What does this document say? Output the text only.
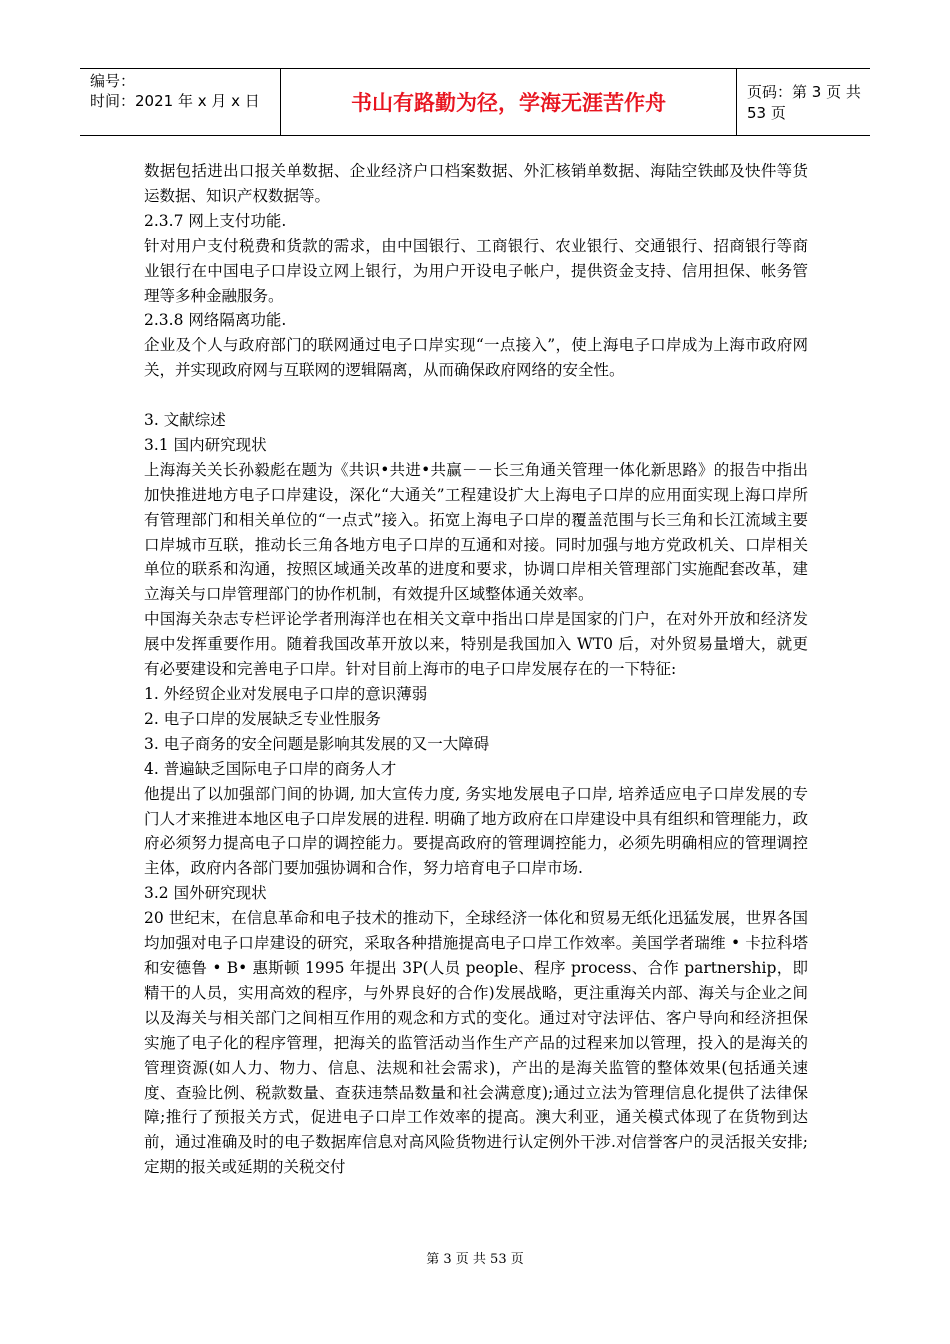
编号：
时间：2021 年 x 月 x 日	书山有路勤为径，学海无涯苦作舟	页码：第 3 页 共 53 页

数据包括进出口报关单数据、企业经济户口档案数据、外汇核销单数据、海陆空铁邮及快件等货运数据、知识产权数据等。

2.3.7 网上支付功能.

针对用户支付税费和货款的需求，由中国银行、工商银行、农业银行、交通银行、招商银行等商业银行在中国电子口岸设立网上银行，为用户开设电子帐户，提供资金支持、信用担保、帐务管理等多种金融服务。

2.3.8 网络隔离功能.

企业及个人与政府部门的联网通过电子口岸实现“一点接入”，使上海电子口岸成为上海市政府网关，并实现政府网与互联网的逻辑隔离，从而确保政府网络的安全性。

3. 文献综述

3.1 国内研究现状

上海海关关长孙毅彪在题为《共识•共进•共赢－－长三角通关管理一体化新思路》的报告中指出加快推进地方电子口岸建设，深化“大通关”工程建设扩大上海电子口岸的应用面实现上海口岸所有管理部门和相关单位的“一点式”接入。拓宽上海电子口岸的覆盖范围与长三角和长江流域主要口岸城市互联，推动长三角各地方电子口岸的互通和对接。同时加强与地方党政机关、口岸相关单位的联系和沟通，按照区域通关改革的进度和要求，协调口岸相关管理部门实施配套改革，建立海关与口岸管理部门的协作机制，有效提升区域整体通关效率。

中国海关杂志专栏评论学者刑海洋也在相关文章中指出口岸是国家的门户，在对外开放和经济发展中发挥重要作用。随着我国改革开放以来，特别是我国加入 WT0 后，对外贸易量增大，就更有必要建设和完善电子口岸。针对目前上海市的电子口岸发展存在的一下特征:

1. 外经贸企业对发展电子口岸的意识薄弱

2. 电子口岸的发展缺乏专业性服务

3. 电子商务的安全问题是影响其发展的又一大障碍

4. 普遍缺乏国际电子口岸的商务人才

他提出了以加强部门间的协调, 加大宣传力度, 务实地发展电子口岸, 培养适应电子口岸发展的专门人才来推进本地区电子口岸发展的进程. 明确了地方政府在口岸建设中具有组织和管理能力，政府必须努力提高电子口岸的调控能力。要提高政府的管理调控能力，必须先明确相应的管理调控主体，政府内各部门要加强协调和合作，努力培育电子口岸市场.

3.2 国外研究现状

20 世纪末，在信息革命和电子技术的推动下，全球经济一体化和贸易无纸化迅猛发展，世界各国均加强对电子口岸建设的研究，采取各种措施提高电子口岸工作效率。美国学者瑞维 • 卡拉科塔和安德鲁 • B• 惠斯顿 1995 年提出 3P(人员 people、程序 process、合作 partnership，即精干的人员，实用高效的程序，与外界良好的合作)发展战略，更注重海关内部、海关与企业之间以及海关与相关部门之间相互作用的观念和方式的变化。通过对守法评估、客户导向和经济担保实施了电子化的程序管理，把海关的监管活动当作生产产品的过程来加以管理，投入的是海关的管理资源(如人力、物力、信息、法规和社会需求)，产出的是海关监管的整体效果(包括通关速度、查验比例、税款数量、查获违禁品数量和社会满意度);通过立法为管理信息化提供了法律保障;推行了预报关方式，促进电子口岸工作效率的提高。澳大利亚，通关模式体现了在货物到达前，通过准确及时的电子数据库信息对高风险货物进行认定例外干涉.对信誉客户的灵活报关安排;定期的报关或延期的关税交付

第 3 页 共 53 页
